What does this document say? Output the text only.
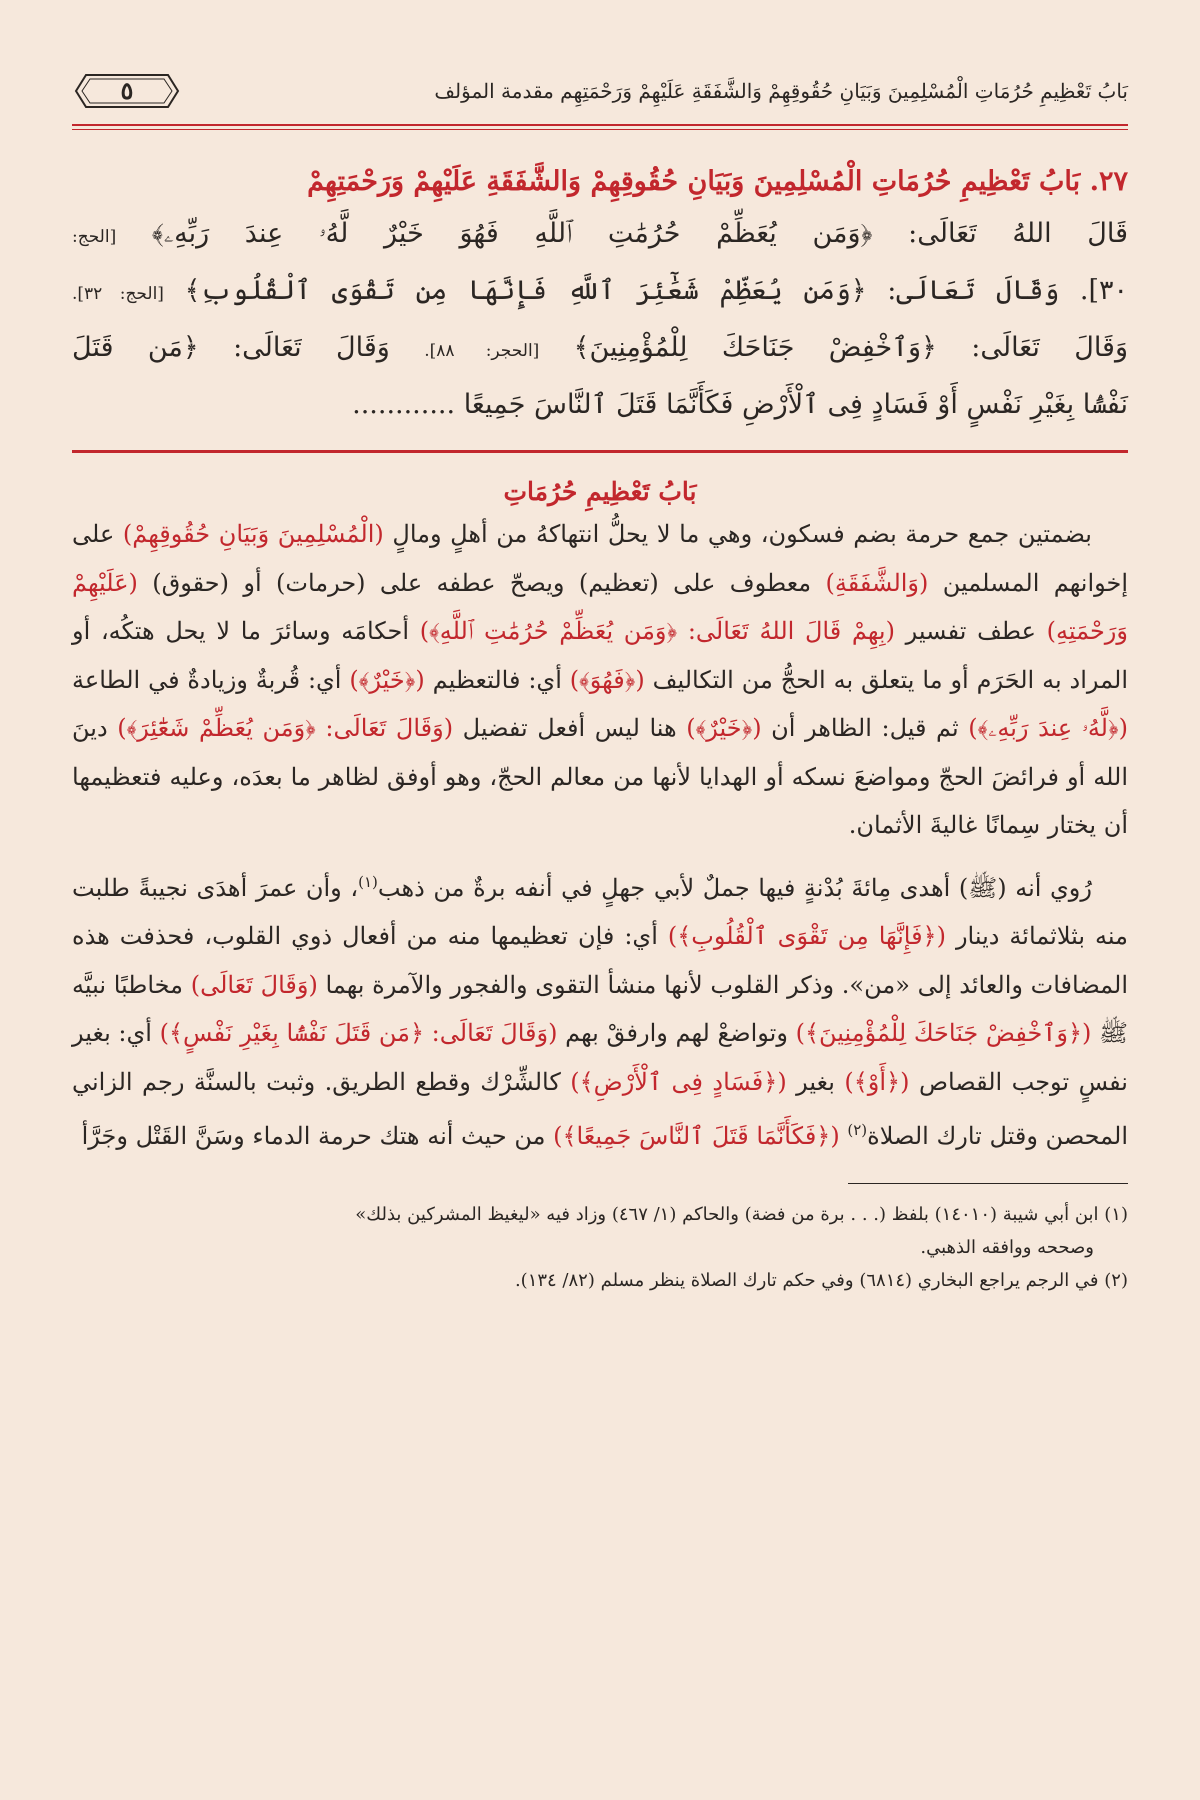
بَابُ تَعْظِيمِ حُرُمَاتِ الْمُسْلِمِينَ وَبَيَانِ حُقُوقِهِمْ وَالشَّفَقَةِ عَلَيْهِمْ وَرَحْمَتِهِم مقدمة المؤلف
٥
٢٧. بَابُ تَعْظِيمِ حُرُمَاتِ الْمُسْلِمِينَ وَبَيَانِ حُقُوقِهِمْ وَالشَّفَقَةِ عَلَيْهِمْ وَرَحْمَتِهِمْ
قَالَ اللهُ تَعَالَى: ﴿وَمَن يُعَظِّمْ حُرُمَٰتِ ٱللَّهِ فَهُوَ خَيْرٌ لَّهُۥ عِندَ رَبِّهِۦ﴾ [الحج:
٣٠]. وَقَالَ تَعَالَى: ﴿وَمَن يُعَظِّمْ شَعَٰٓئِرَ ٱللَّهِ فَإِنَّهَا مِن تَقْوَى ٱلْقُلُوبِ﴾ [الحج: ٣٢].
وَقَالَ تَعَالَى: ﴿وَٱخْفِضْ جَنَاحَكَ لِلْمُؤْمِنِينَ﴾ [الحجر: ٨٨]. وَقَالَ تَعَالَى: ﴿مَن قَتَلَ
نَفْسًۢا بِغَيْرِ نَفْسٍ أَوْ فَسَادٍ فِى ٱلْأَرْضِ فَكَأَنَّمَا قَتَلَ ٱلنَّاسَ جَمِيعًا ............
بَابُ تَعْظِيمِ حُرُمَاتِ

بضمتين جمع حرمة بضم فسكون، وهي ما لا يحلُّ انتهاكهُ من أهلٍ ومالٍ (الْمُسْلِمِينَ وَبَيَانِ حُقُوقِهِمْ) على إخوانهم المسلمين (وَالشَّفَقَةِ) معطوف على (تعظيم) ويصحّ عطفه على (حرمات) أو (حقوق) (عَلَيْهِمْ وَرَحْمَتِهِ) عطف تفسير (بِهِمْ قَالَ اللهُ تَعَالَى: ﴿وَمَن يُعَظِّمْ حُرُمَٰتِ ٱللَّهِ﴾) أحكامَه وسائرَ ما لا يحل هتكُه، أو المراد به الحَرَم أو ما يتعلق به الحجُّ من التكاليف (﴿فَهُوَ﴾) أي: فالتعظيم (﴿خَيْرٌ﴾) أي: قُربةٌ وزيادةٌ في الطاعة (﴿لَّهُۥ عِندَ رَبِّهِۦ﴾) ثم قيل: الظاهر أن (﴿خَيْرٌ﴾) هنا ليس أفعل تفضيل (وَقَالَ تَعَالَى: ﴿وَمَن يُعَظِّمْ شَعَٰٓئِرَ﴾) دينَ الله أو فرائضَ الحجّ ومواضعَ نسكه أو الهدايا لأنها من معالم الحجّ، وهو أوفق لظاهر ما بعدَه، وعليه فتعظيمها أن يختار سِمانًا غاليةَ الأثمان.

رُوي أنه (ﷺ) أهدى مِائةَ بُدْنةٍ فيها جملٌ لأبي جهلٍ في أنفه برةٌ من ذهب$^{(١)}$، وأن عمرَ أهدَى نجيبةً طلبت منه بثلاثمائة دينار (﴿فَإِنَّهَا مِن تَقْوَى ٱلْقُلُوبِ﴾) أي: فإن تعظيمها منه من أفعال ذوي القلوب، فحذفت هذه المضافات والعائد إلى «من». وذكر القلوب لأنها منشأ التقوى والفجور والآمرة بهما (وَقَالَ تَعَالَى) مخاطبًا نبيَّه ﷺ (﴿وَٱخْفِضْ جَنَاحَكَ لِلْمُؤْمِنِينَ﴾) وتواضعْ لهم وارفقْ بهم (وَقَالَ تَعَالَى: ﴿مَن قَتَلَ نَفْسًۢا بِغَيْرِ نَفْسٍ﴾) أي: بغير نفسٍ توجب القصاص (﴿أَوْ﴾) بغير (﴿فَسَادٍ فِى ٱلْأَرْضِ﴾) كالشِّرْك وقطع الطريق. وثبت بالسنَّة رجم الزاني المحصن وقتل تارك الصلاة$^{(٢)}$ (﴿فَكَأَنَّمَا قَتَلَ ٱلنَّاسَ جَمِيعًا﴾) من حيث أنه هتك حرمة الدماء وسَنَّ القَتْل وجَرَّأ

(١) ابن أبي شيبة (١٤٠١٠) بلفظ (. . . برة من فضة) والحاكم (١/ ٤٦٧) وزاد فيه «ليغيظ المشركين بذلك»

وصححه ووافقه الذهبي.

(٢) في الرجم يراجع البخاري (٦٨١٤) وفي حكم تارك الصلاة ينظر مسلم (٨٢/ ١٣٤).
